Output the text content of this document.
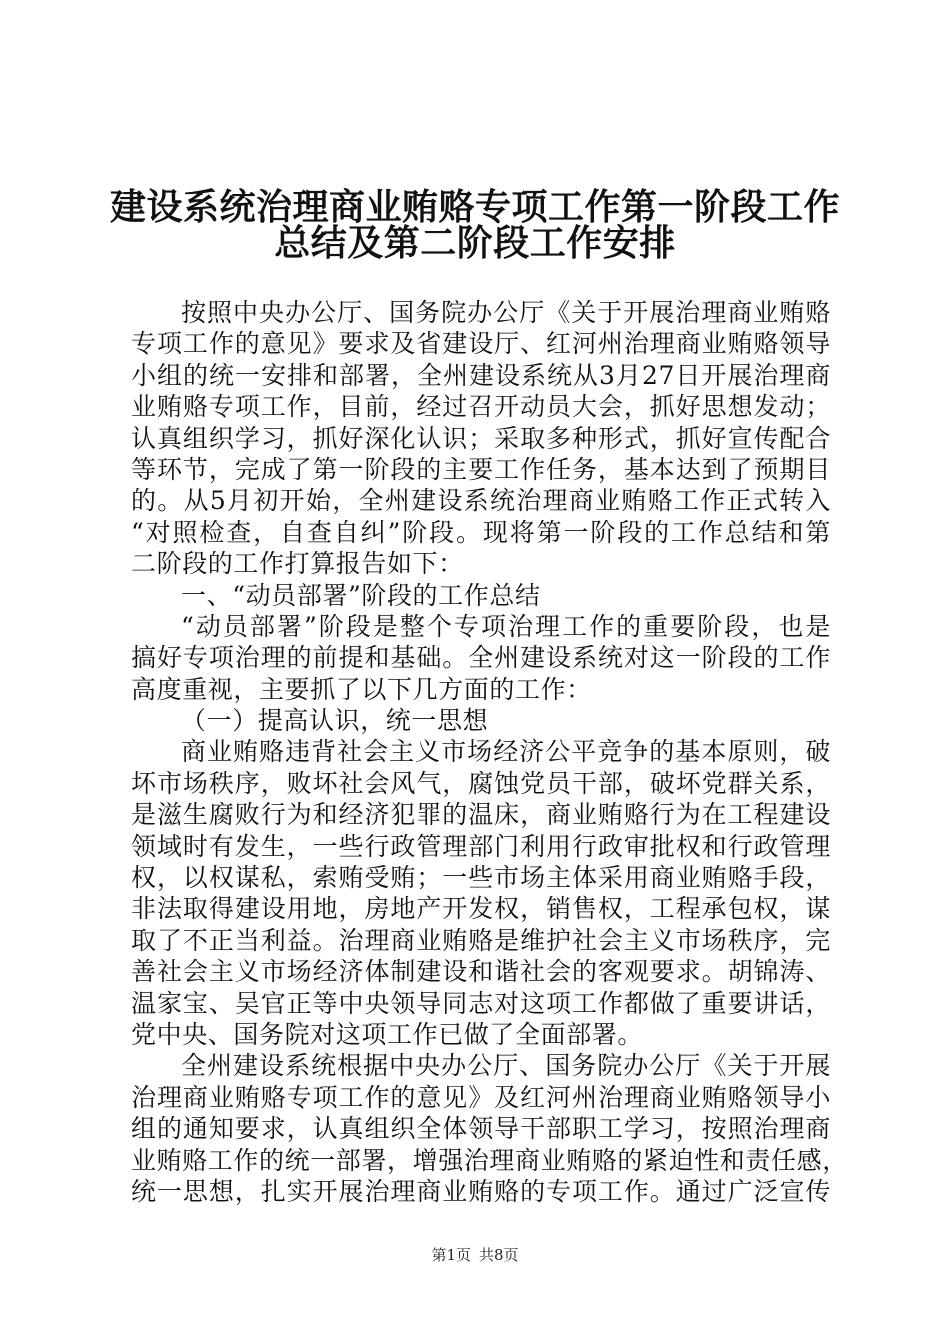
建设系统治理商业贿赂专项工作第一阶段工作
总结及第二阶段工作安排
按照中央办公厅、国务院办公厅《关于开展治理商业贿赂
专项工作的意见》要求及省建设厅、红河州治理商业贿赂领导
小组的统一安排和部署，全州建设系统从3月27日开展治理商
业贿赂专项工作，目前，经过召开动员大会，抓好思想发动；
认真组织学习，抓好深化认识；采取多种形式，抓好宣传配合
等环节，完成了第一阶段的主要工作任务，基本达到了预期目
的。从5月初开始，全州建设系统治理商业贿赂工作正式转入
“对照检查，自查自纠”阶段。现将第一阶段的工作总结和第
二阶段的工作打算报告如下：
一、“动员部署”阶段的工作总结
“动员部署”阶段是整个专项治理工作的重要阶段，也是
搞好专项治理的前提和基础。全州建设系统对这一阶段的工作
高度重视，主要抓了以下几方面的工作：
（一）提高认识，统一思想
商业贿赂违背社会主义市场经济公平竞争的基本原则，破
坏市场秩序，败坏社会风气，腐蚀党员干部，破坏党群关系，
是滋生腐败行为和经济犯罪的温床，商业贿赂行为在工程建设
领域时有发生，一些行政管理部门利用行政审批权和行政管理
权，以权谋私，索贿受贿；一些市场主体采用商业贿赂手段，
非法取得建设用地，房地产开发权，销售权，工程承包权，谋
取了不正当利益。治理商业贿赂是维护社会主义市场秩序，完
善社会主义市场经济体制建设和谐社会的客观要求。胡锦涛、
温家宝、吴官正等中央领导同志对这项工作都做了重要讲话，
党中央、国务院对这项工作已做了全面部署。
全州建设系统根据中央办公厅、国务院办公厅《关于开展
治理商业贿赂专项工作的意见》及红河州治理商业贿赂领导小
组的通知要求，认真组织全体领导干部职工学习，按照治理商
业贿赂工作的统一部署，增强治理商业贿赂的紧迫性和责任感，
统一思想，扎实开展治理商业贿赂的专项工作。通过广泛宣传
第1页 共8页
